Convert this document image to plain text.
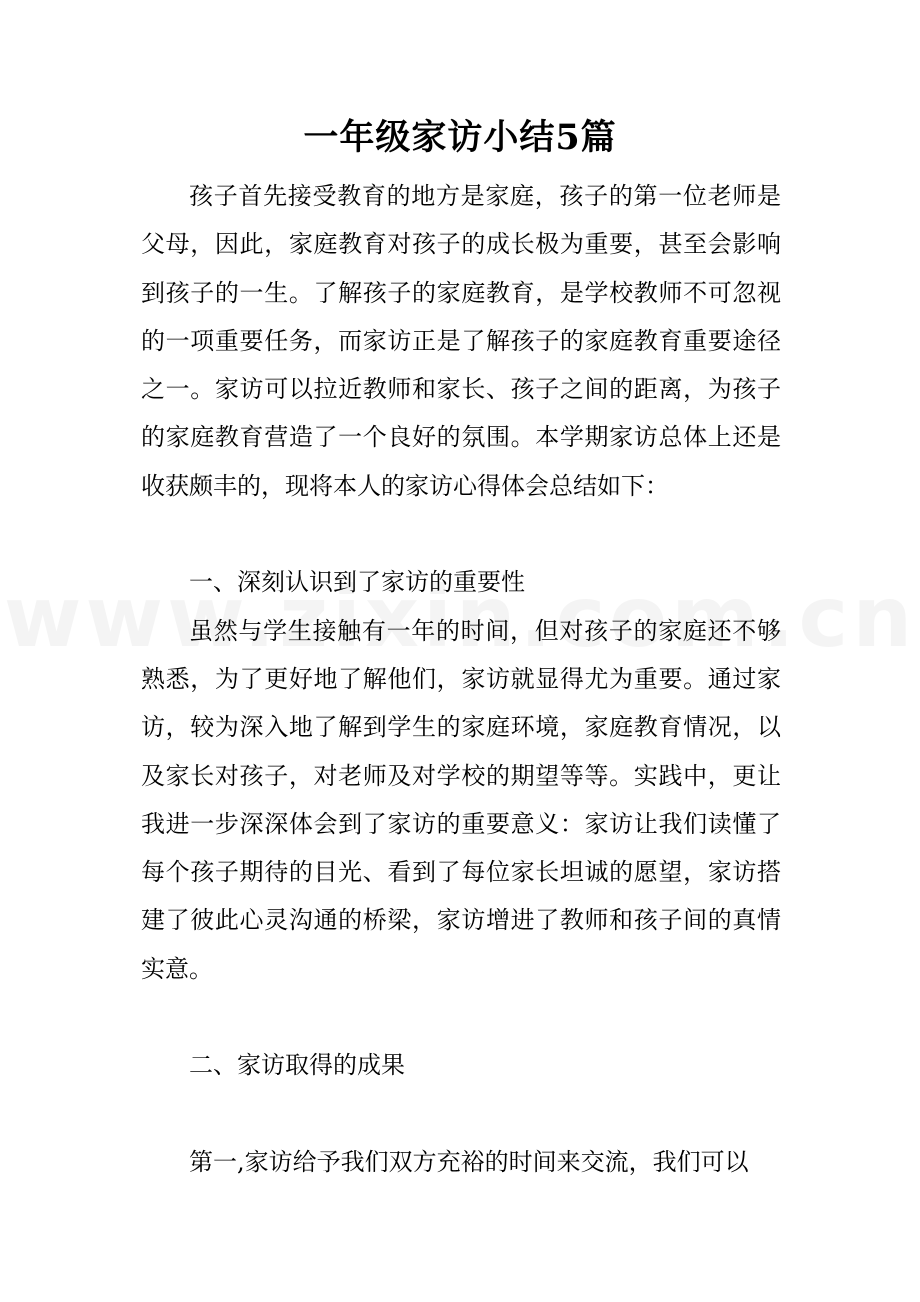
一年级家访小结5篇

孩子首先接受教育的地方是家庭，孩子的第一位老师是父母，因此，家庭教育对孩子的成长极为重要，甚至会影响到孩子的一生。了解孩子的家庭教育，是学校教师不可忽视的一项重要任务，而家访正是了解孩子的家庭教育重要途径之一。家访可以拉近教师和家长、孩子之间的距离，为孩子的家庭教育营造了一个良好的氛围。本学期家访总体上还是收获颇丰的，现将本人的家访心得体会总结如下：

一、深刻认识到了家访的重要性

虽然与学生接触有一年的时间，但对孩子的家庭还不够熟悉，为了更好地了解他们，家访就显得尤为重要。通过家访，较为深入地了解到学生的家庭环境，家庭教育情况，以及家长对孩子，对老师及对学校的期望等等。实践中，更让我进一步深深体会到了家访的重要意义：家访让我们读懂了每个孩子期待的目光、看到了每位家长坦诚的愿望，家访搭建了彼此心灵沟通的桥梁，家访增进了教师和孩子间的真情实意。

二、家访取得的成果

第一,家访给予我们双方充裕的时间来交流，我们可以
